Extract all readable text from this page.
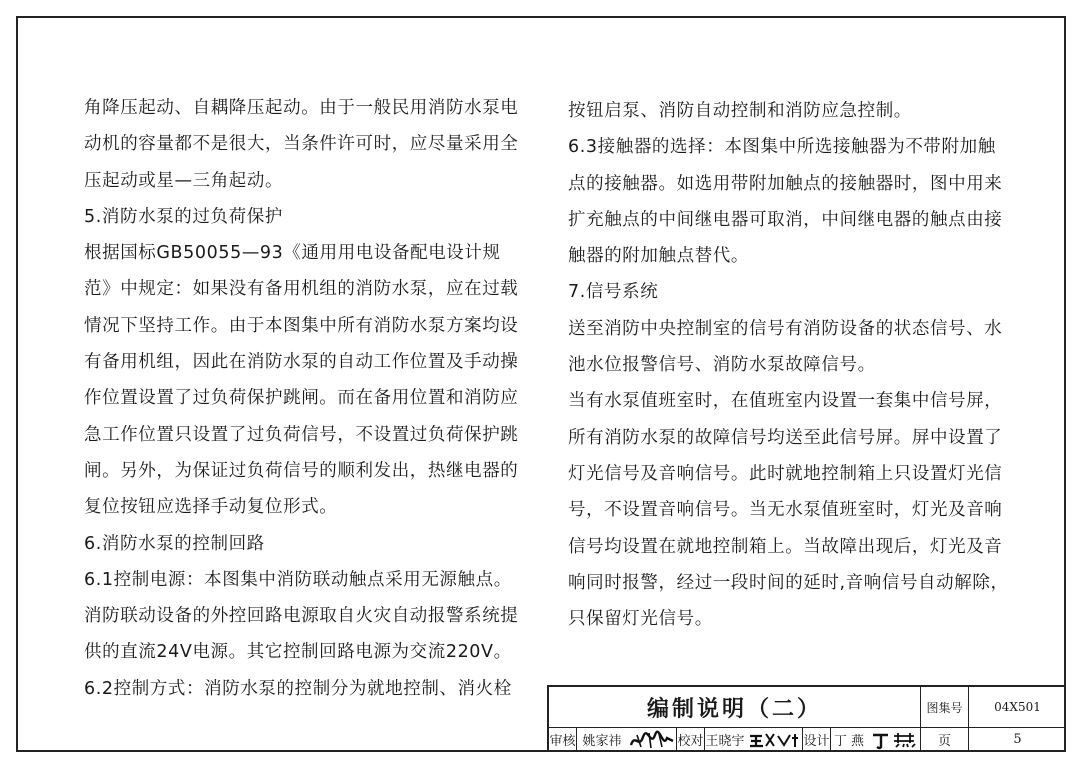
角降压起动、自耦降压起动。由于一般民用消防水泵电
动机的容量都不是很大，当条件许可时，应尽量采用全
压起动或星—三角起动。
5.消防水泵的过负荷保护
根据国标GB50055—93《通用用电设备配电设计规
范》中规定：如果没有备用机组的消防水泵，应在过载
情况下坚持工作。由于本图集中所有消防水泵方案均设
有备用机组，因此在消防水泵的自动工作位置及手动操
作位置设置了过负荷保护跳闸。而在备用位置和消防应
急工作位置只设置了过负荷信号，不设置过负荷保护跳
闸。另外，为保证过负荷信号的顺利发出，热继电器的
复位按钮应选择手动复位形式。
6.消防水泵的控制回路
6.1控制电源：本图集中消防联动触点采用无源触点。
消防联动设备的外控回路电源取自火灾自动报警系统提
供的直流24V电源。其它控制回路电源为交流220V。
6.2控制方式：消防水泵的控制分为就地控制、消火栓
按钮启泵、消防自动控制和消防应急控制。
6.3接触器的选择：本图集中所选接触器为不带附加触
点的接触器。如选用带附加触点的接触器时，图中用来
扩充触点的中间继电器可取消，中间继电器的触点由接
触器的附加触点替代。
7.信号系统
送至消防中央控制室的信号有消防设备的状态信号、水
池水位报警信号、消防水泵故障信号。
当有水泵值班室时，在值班室内设置一套集中信号屏，
所有消防水泵的故障信号均送至此信号屏。屏中设置了
灯光信号及音响信号。此时就地控制箱上只设置灯光信
号，不设置音响信号。当无水泵值班室时，灯光及音响
信号均设置在就地控制箱上。当故障出现后，灯光及音
响同时报警，经过一段时间的延时,音响信号自动解除，
只保留灯光信号。
编制说明（二）	图集号	04X501
审核 姚家祎	校对 王晓宇	设计 丁 燕	页	5
